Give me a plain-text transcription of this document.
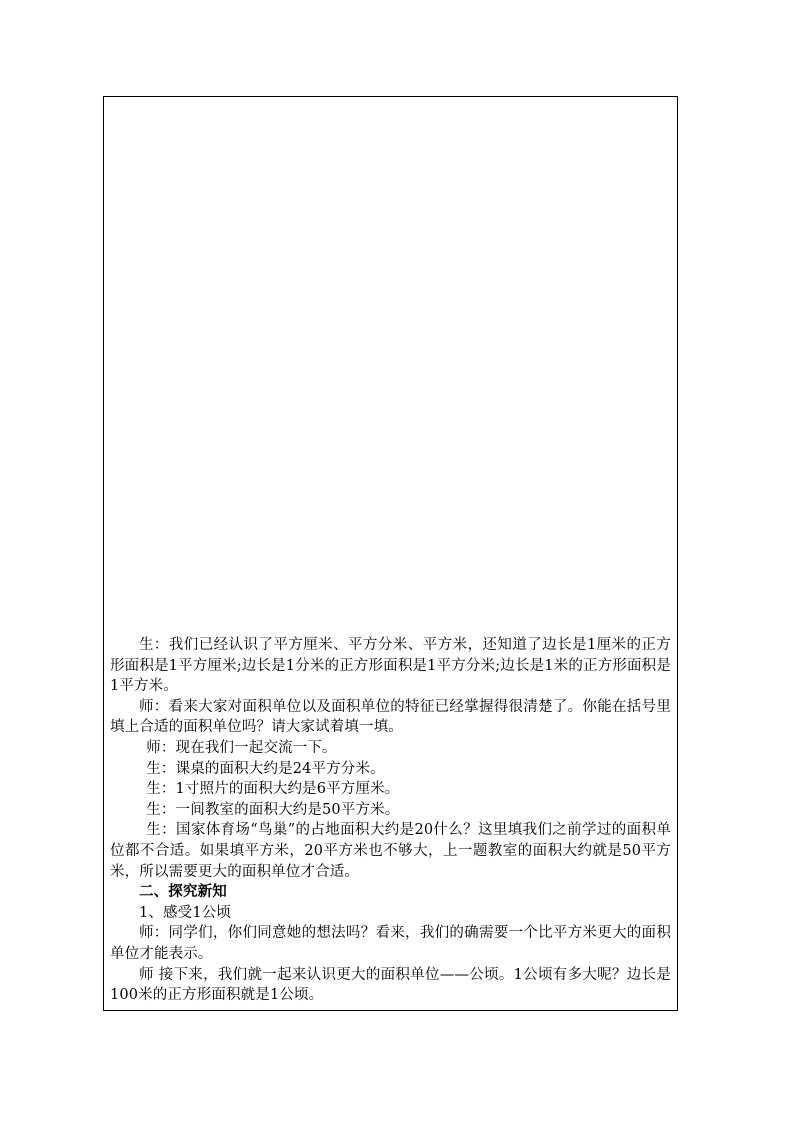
生：我们已经认识了平方厘米、平方分米、平方米，还知道了边长是1厘米的正方形面积是1平方厘米;边长是1分米的正方形面积是1平方分米;边长是1米的正方形面积是1平方米。

师：看来大家对面积单位以及面积单位的特征已经掌握得很清楚了。你能在括号里填上合适的面积单位吗？请大家试着填一填。

师：现在我们一起交流一下。

生：课桌的面积大约是24平方分米。

生：1寸照片的面积大约是6平方厘米。

生：一间教室的面积大约是50平方米。

生：国家体育场“鸟巢”的占地面积大约是20什么？这里填我们之前学过的面积单位都不合适。如果填平方米，20平方米也不够大，上一题教室的面积大约就是50平方米，所以需要更大的面积单位才合适。

二、探究新知

1、感受1公顷

师：同学们，你们同意她的想法吗？看来，我们的确需要一个比平方米更大的面积单位才能表示。

师 接下来，我们就一起来认识更大的面积单位——公顷。1公顷有多大呢？边长是100米的正方形面积就是1公顷。
